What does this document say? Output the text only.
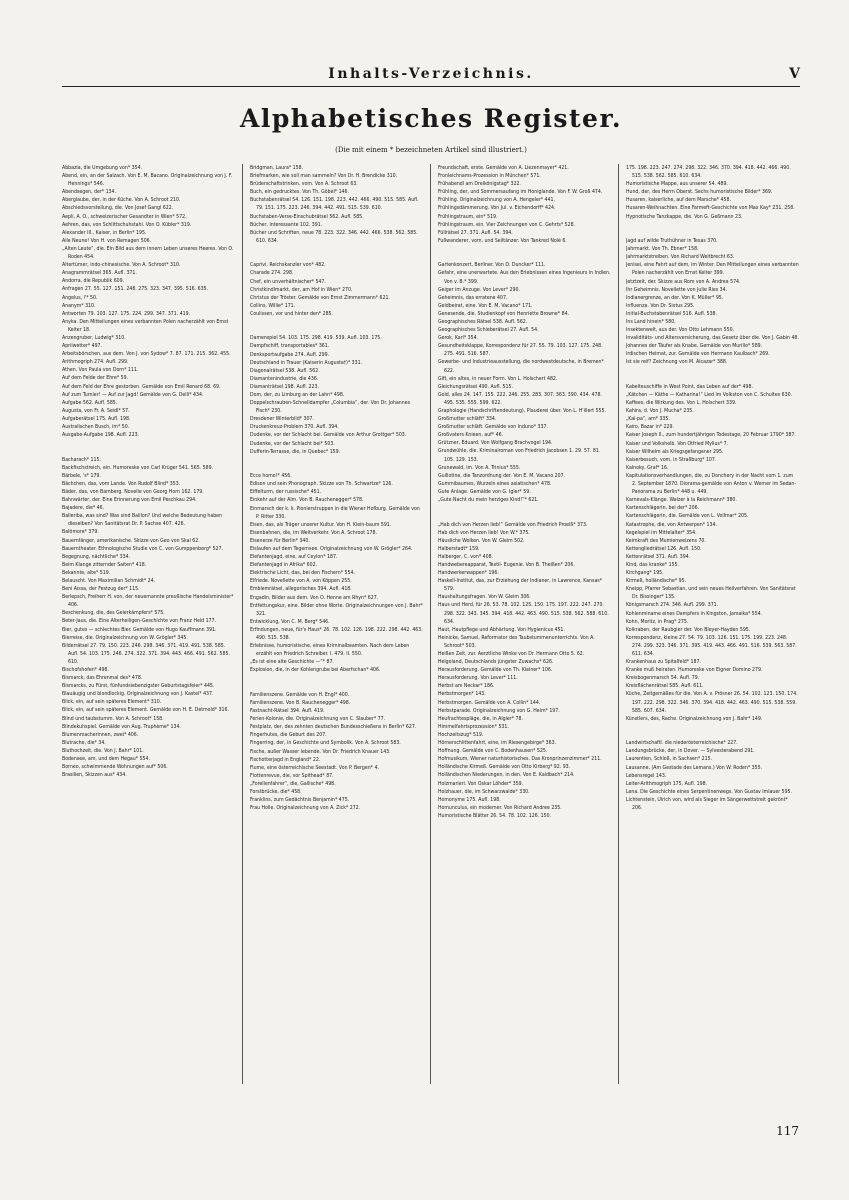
Inhalts-Verzeichnis.	V
Alphabetisches Register.
(Die mit einem * bezeichneten Artikel sind illustriert.)

Abbazia, die Umgebung von* 354.

Abend, ein, an der Salzach. Von E. M. Bacano. Originalzeichnung von J. F. Hennings* 546.

Abendsegen, der* 134.

Aberglaube, der, in der Küche. Von A. Schroot 210.

Abschiedsvorstellung, die. Von Josef Gangl 622.

Aepli, A. O., schweizerischer Gesandter in Wien* 572.

Aehren, das, von Schlittschuhstahl. Von O. Kübler* 319.

Alexander III., Kaiser, in Berlin* 195.

Alle Neune! Von H. von Remagen 506.

„Alten Leute“, die. Ein Bild aus dem innern Leben unseres Heeres. Von O. Roden 454.

Altertümer, indo-chinesische. Von A. Schroot* 310.

Anagrammrätsel 365. Aufl. 371.

Andorra, die Republik 609.

Anfragen 27. 55. 127. 151. 248. 275. 323. 347. 395. 516. 635.

Angelus, l'* 50.

Ananym* 310.

Antworten 79. 103. 127. 175. 224. 299. 347. 371. 419.

Anyka. Den Mitteilungen eines verbannten Polen nacherzählt von Ernst Keiter 18.

Anzengruber, Ludwig* 310.

Aprilwetter* 497.

Arbeitsbörschen, aus dem. Von J. von Sydow* 7. 87. 171. 215. 362. 455.

Arithmogriph 274. Aufl. 299.

Athen. Von Paula von Dorn* 111.

Auf dem Felde der Ehre* 59.

Auf dem Feld der Ehre gestorben. Gemälde von Emil Renard 68. 69.

Auf zum Turnier! — Auf zur Jagd! Gemälde von G. Delli* 434.

Aufgabe 562. Aufl. 585.

Augusta, von Fr. A. Seidl* 57.

Aufgaberätsel 175. Aufl. 198.

Australischen Busch, im* 50.

Ausgabe-Aufgabe 198. Aufl. 223.

Bacharach* 115.

Backfischstreich, ein. Humoreske von Carl Krüger 541. 565. 589.

Bärbele, 's* 179.

Bächchen, das, vom Lande. Von Rudolf Blind* 353.

Bäder, das, von Bamberg. Novelle von Georg Horn 162. 179.

Bahnwärter, der. Eine Erinnerung von Emil Peschkau 294.

Bajadere, die* 46.

Balleriba, was sind? Was sind Baillon? Und welche Bedeutung haben dieselben? Von Sanitätsrat Dr. P. Sachse 407. 426.

Baltimore* 379.

Bauernfänger, amerikanische. Skizze von Geo von Skal 62.

Bauerntheater. Ethnologische Studie von C. von Gumppenberg* 527.

Begegnung, nächtliche* 334.

Beim Klange zitternder Saiten* 418.

Bekannte, alte* 519.

Belauscht. Von Maximilian Schmidt* 24.

Beni Aissa, der Festzug der* 115.

Berlepsch, Freiherr H. von, der neuernannte preußische Handelsminister* 406.

Beschenkung, die, des Geierkämpfers* 575.

Beter-Jaus, die. Eine Alterheiligen-Geschichte von Franz Held 177.

Bier, gutes — schlechtes Bier. Gemälde von Hugo Kauffmann 391.

Bierreise, die. Originalzeichnung von W. Grögler* 345.

Bilderrätsel 27. 79. 150. 223. 246. 298. 346. 371. 419. 491. 538. 585. Aufl. 54. 103. 175. 246. 274. 322. 371. 394. 443. 466. 491. 562. 585. 610.

Bischofshofen* 498.

Bismarck, das Ehrenmal des* 478.

Bismarcks, zu Fürst, fünfundsiebenzigster Geburtstagsfeier* 445.

Blauäugig und blondlockig. Originalzeichnung von J. Kastel* 437.

Blick, ein, auf sein späteres Element* 310.

Blick, ein, auf sein späteres Element. Gemälde von H. E. Detmold* 316.

Blind und taubstumm. Von A. Schroot* 158.

Blindekuhspiel. Gemälde von Aug. Truphème* 134.

Blumenmacherinnen, zwei* 406.

Blutrache, die* 34.

Bluthochzeit, die. Von J. Bahr* 101.

Bodensee, am, und dem Hegau* 554.

Borneo, schwimmende Wohnungen auf* 506.

Brasilien, Skizzen aus* 434.

Bridgman, Laura* 158.

Briefmarken, wie soll man sammeln? Von Dr. H. Brendicke 310.

Brüderschaftstrinken, vom. Von A. Schroot 63.

Buch, ein gedrucktes. Von Th. Göbel* 146.

Buchstabenrätsel 54. 126. 151. 198. 223. 442. 466. 490. 515. 585. Aufl. 79. 151. 175. 223. 246. 394. 442. 491. 515. 539. 610.

Buchstaben-Verse-Einschubrätsel 562. Aufl. 585.

Bücher, interessante 102. 391.

Bücher und Schriften, neue 78. 223. 322. 346. 442. 466. 538. 562. 585. 610. 634.

Caprivi, Reichskanzler von* 482.

Charade 274. 298.

Chef, ein unverhältnischer* 547.

Christkindlmarkt, der, am Hof in Wien* 270.

Christus der Tröster. Gemälde von Ernst Zimmermann* 621.

Collins, Willie* 171.

Coulissen, vor und hinter den* 285.

Damenspiel 54. 103. 175. 298. 419. 539. Aufl. 103. 175.

Dampfschiff, transportables* 361.

Denksportaufgabe 274. Aufl. 299.

Deutschland in Trauer (Kaiserin Augusta†)* 331.

Diagonalrätsel 538. Aufl. 562.

Diamantenindustrie, die 436.

Diamanträtsel 198. Aufl. 223.

Dom, der, zu Limburg an der Lahn* 498.

Doppelschrauben-Schnelldampfer „Columbia“, der. Von Dr. Johannes Fisch* 230.

Dresdener Winterbild* 307.

Druckenkreuz-Problem 370. Aufl. 394.

Dudenke, vor der Schlacht bei. Gemälde von Arthur Grottger* 503.

Dudenke, vor der Schlacht bei* 503.

Dufferin-Terrasse, die, in Quebec* 159.

Ecce homo!* 456.

Edison und sein Phonograph. Skizze von Th. Schwartze* 126.

Eiffelturm, der russische* 451.

Einkehr auf der Alm. Von B. Rauchenegger* 578.

Einmarsch der k. k. Pionierstruppen in die Wiener Hofburg. Gemälde von P. Ritter 330.

Eisen, das, als Träger unserer Kultur. Von H. Klein-baum 591.

Eisenbahnen, die, im Weltverkehr. Von A. Schroot 178.

Eisenerze für Berlin* 340.

Eislaufen auf dem Tegernsee. Originalzeichnung von W. Grögler* 264.

Elefantenjagd, eine, auf Ceylon* 187.

Elefantenjagd in Afrika* 602.

Elektrische Licht, das, bei den Fischern* 554.

Elfriede. Novellette von A. von Köppen 255.

Emblemrätsel, allegorisches 394. Aufl. 418.

Engadin, Bilder aus dem. Von O. Henne am Rhyn* 627.

Entfettungskur, eine. Bilder ohne Worte. Originalzeichnungen von J. Bahr* 321.

Entwicklung, Von C. M. Berg* 546.

Erfindungen, neue, für's Haus* 26. 78. 102. 126. 198. 222. 298. 442. 463. 490. 515. 538.

Erlebnisse, humoristische, eines Kriminalbeamten. Nach dem Leben erzählt von Friedrich Schreiber. I. 479. II. 550.

„Es ist eine alte Geschichte —“* 87.

Explosion, die, in der Kohlengrube bei Aberfschan* 406.

Familienszene. Gemälde von H. Engl* 400.

Familienszene. Von B. Rauchenegger* 498.

Fastnacht-Rätsel 394. Aufl. 419.

Ferien-Kolonie, die. Originalzeichnung von C. Slauber* 77.

Festplatz, der, des zehnten deutschen Bundesschießens in Berlin* 627.

Fingerhutes, die Geburt des 207.

Fingerring, der, in Geschichte und Symbolik. Von A. Schroot 583.

Fische, außer Wasser lebende. Von Dr. Friedrich Knauer 143.

Fischotterjagd in England* 22.

Fiume, eine österreichische Seestadt. Von P. Bergen* 4.

Flottenrevue, die, vor Spithead* 87.

„Forellenfahrer“, die, Gallische* 498.

Forstbrücke, die* 458.

Franklins, zum Gedächtnis Benjamin* 475.

Frau Holle. Originalzeichnung von A. Zick* 272.

Freundschaft, erste. Gemälde von A. Liezenmayer* 421.

Fronleichnams-Prozession in München* 571.

Frühabendl am Dreikönigstag* 322.

Frühling, der, und Sommersaufang im Honiglande. Von F. W. Groß 474.

Frühling. Originalzeichnung von A. Hengeler* 441.

Frühlingsdämmerung. Von Jul. v. Eichendorff* 424.

Frühlingstraum, ein* 519.

Frühlingstraum, ein. Vier Zeichnungen von C. Gehrts* 528.

Füllrätsel 27. 371. Aufl. 54. 394.

Fußwanderer, vom, und Seiltänzer. Von Tankred Nolé 6.

Gartenkonzert, Berliner. Von D. Duncker* 111.

Gefahr, eine unerwartete. Aus den Erlebnissen eines Ingenieurs in Indien. Von v. B.* 399.

Geiger im Anzuge. Von Lever* 290.

Geheimnis, das erratene 407.

Geldbeirat, eine. Von E. M. Vacano* 171.

Genesende, die. Studienkopf von Henriette Browne* 84.

Geographisches Rätsel 538. Aufl. 562.

Geographisches Schieberätsel 27. Aufl. 54.

Gerok, Karl* 354.

Gesundheitsklappe, Korrespondenz für 27. 55. 79. 103. 127. 175. 248. 275. 491. 516. 587.

Gewerbe- und Industrieausstellung, die nordwestdeutsche, in Bremen* 622.

Gift, ein altes, in neuer Form. Von L. Holschert 482.

Gleichungsrätsel 490. Aufl. 515.

Gold, alles 24. 147. 155. 222. 246. 255. 283. 307. 363. 390. 434. 478. 495. 535. 555. 599. 622.

Graphologie (Handschriftendeutung), Plauderei über. Von L. H'illert 555.

Großmutter schläft* 334.

Großmutter schläft. Gemälde von Induno* 337.

Großvaters Knieen, auf* 46.

Grützner, Eduard. Von Wolfgang Brachvogel 194.

Grundwühle, die. Kriminalroman von Friedrich Jacobsen 1. 29. 57. 81. 105. 129. 153.

Grunewald, im. Von A. Trinius* 555.

Guillotine, die Tanzordnung der. Von E. M. Vacano 207.

Gummibaumes, Wurzeln eines asiatischen* 478.

Gute Anlage. Gemälde von G. Igler* 59.

„Gute Nacht du mein herziges Kind!“* 621.

„Hab dich von Herzen lieb!“ Gemälde von Friedrich Proelß* 373.

Hab dich von Herzen lieb! Von W.* 375.

Häusliche Wolken. Von W. Gleim 502.

Halberstadt* 159.

Halberger, C. von* 408.

Handwebereapparat, Textil- Eugenie. Von B. Theißen* 206.

Handwerkerwappen* 196.

Haskell-Institut, das, zur Erziehung der Indianer, in Lawrence, Kansas* 579.

Haushaltungsfragen. Von W. Gleim 306.

Haus und Herd, für 26. 53. 78. 102. 125. 150. 175. 197. 222. 247. 270. 298. 322. 343. 345. 394. 418. 442. 463. 490. 515. 538. 562. 588. 610. 634.

Haut, Hautpflege und Abhärtung. Von Hygienicus 451.

Heinicke, Samuel, Reformator des Taubstummenunterrichts. Von A. Schroot* 503.

Heißen Zeit, zur. Aerztliche Winke von Dr. Hermann Otto 5. 62.

Helgoland, Deutschlands jüngster Zuwachs* 626.

Herausforderung. Gemälde von Th. Kleiner* 106.

Herausforderung. Von Lever* 111.

Herbst am Neckar* 186.

Herbstmorgen* 143.

Herbstmorgen. Gemälde von A. Collin* 144.

Herbstparade. Originalzeichnung von G. Heim* 197.

Heufrachtespläge, die, in Algier* 78.

Himmelfahrtsprozession* 531.

Hochzeitszug* 519.

Hörnerschlittenfahrt, eine, im Riesengebirge* 363.

Hoffnung. Gemälde von C. Bodenhausen* 525.

Hofmusikum, Wiener naturhistorisches. Das Kronprinzenzimmer* 211.

Holländische Kirmeß. Gemälde von Otto Kirberg* 92. 93.

Holländischen Niederungen, in den. Von E. Kaldbach* 214.

Holzmarieri. Von Oskar Löhder* 359.

Holzhauer, die, im Schwarzwalde* 330.

Homonyme 175. Aufl. 198.

Homunculus, ein moderner. Von Richard Andree 235.

Humoristische Blätter 26. 54. 78. 102. 126. 150.

175. 198. 223. 247. 274. 298. 322. 346. 370. 394. 418. 442. 466. 490. 515. 538. 562. 585. 610. 634.

Humoristische Mappe, aus unserer 54. 489.

Hund, der, des Herrn Oberst. Sechs humoristische Bilder* 369.

Husaren, kaiserliche, auf dem Marsche* 458.

Husaren-Weihnachten. Eine Farmeft-Geschichte von Max Kay* 231. 258.

Hypnotische Tanzkappe, die. Von G. Geßmann 23.

Jagd auf wilde Truthühner in Texas 370.

Jahrmarkt. Von Th. Ebner* 158.

Jahrmarktstreiben. Von Richard Weitbrecht 63.

Jenisei, eine Fahrt auf dem, im Winter. Den Mitteilungen eines verbannten Polen nacherzählt von Ernst Keiter 399.

Jetztzeit, der. Skizze aus Rom von A. Andrea 574.

Ihr Geheimnis. Novellette von Julie Ries 34.

Indianergrenze, an der. Von K. Müller* 95.

Influenza. Von Dr. Sixtus 295.

Initial-Buchstabenrätsel 516. Aufl. 538.

Ins Land hinein* 580.

Insektenwelt, aus der. Von Otto Lehmann 550.

Invaliditäts- und Altersversicherung, das Gesetz über die. Von J. Gabin 48.

Johannes der Täufer als Knabe. Gemälde von Murillo* 589.

Irdischen Heimat, zur. Gemälde von Hermann Kaulbach* 269.

Ist sie reif? Zeichnung von M. Alcazar* 388.

Kabelteuschiffe in West Point, das Leben auf der* 498.

„Kätchen — Käthe — Katharina!“ Lied im Volkston von C. Schultes 630.

Kaffees, die Wirkung des. Von L. Holschert 339.

Kahira, d. Von J. Mucha* 235.

„Kai-pa“, am* 335.

Kairo, Bazar in* 229.

Kaiser Joseph II., zum hundertjährigen Todestage, 20 Februar 1790* 387.

Kaiser und Volkshelb. Von Otfried Mylius* 7.

Kaiser Wilhelm als Kriegsgefangener 295.

Kaiserbesuch, vom, in Straßburg* 107.

Kalnoky, Graf* 16.

Kapitulationsverhandlungen, die, zu Donchery in der Nacht vom 1. zum 2. September 1870. Diorama-gemälde von Anton v. Werner im Sedan-Panorama zu Berlin* 448 u. 449.

Karnevals-Klänge. Walzer à la Reichmann* 380.

Kartenschlägerin, bei der* 206.

Kartenschlägerin, die. Gemälde von L. Vollmar* 205.

Katastrophe, die, von Antwerpen* 134.

Kegelspiel im Mittelalter* 354.

Keimkraft des Mumienweizens 70.

Kettengliedrätsel 126. Aufl. 150.

Kettenrätsel 371. Aufl. 394.

Kind, das kranke* 155.

Kirchgang* 195.

Kirmeß, holländische* 95.

Kneipp, Pfarrer Sebastian, und sein neues Heilverfahren. Von Sanitätsrat Dr. Bissinger* 135.

Königsmarsch 274. 346. Aufl. 299. 371.

Kohlenminame eines Dampfers in Kingston, Jamaika* 554.

Kohn, Moritz, in Prag* 275.

Kolkraben, der Raubgier der. Von Bleyer-Hayden 595.

Korrespondenz, kleine 27. 54. 79. 103. 126. 151. 175. 199. 223. 248. 274. 299. 323. 346. 371. 395. 419. 443. 466. 491. 516. 539. 563. 587. 611. 634.

Krankenhaus zu Spitalfeld* 187.

Kranke muß heiraten. Humoreske von Eigner Domino 279.

Kreisbogenmarsch 54. Aufl. 79.

Kreisflächenrätsel 585. Aufl. 611.

Küche, Zeitgemäßes für die. Von A. v. Prösner 26. 54. 102. 123. 150. 174. 197. 222. 298. 322. 346. 370. 394. 418. 442. 463. 490. 515. 538. 559. 585. 607. 634.

Künstlers, des, Rache. Originalzeichnung von J. Bahr* 149.

Landwirtschaftl. die niederösterreichische* 227.

Landungsbrücke, der, in Dover. — Sylvesterabend 291.

Laurentien, Schloß, in Sachsen* 215.

Lausanne, (Am Gestade des Lemans.) Von W. Roden* 355.

Lebensregel 143.

Leiter-Arithmogriph 175. Aufl. 198.

Lena. Die Geschichte eines Serpentinenwegs. Von Gustav Imlauer 595.

Lichtenstein, Ulrich von, wird als Sieger im Sängerwettstreit gekrönt* 206.

117
